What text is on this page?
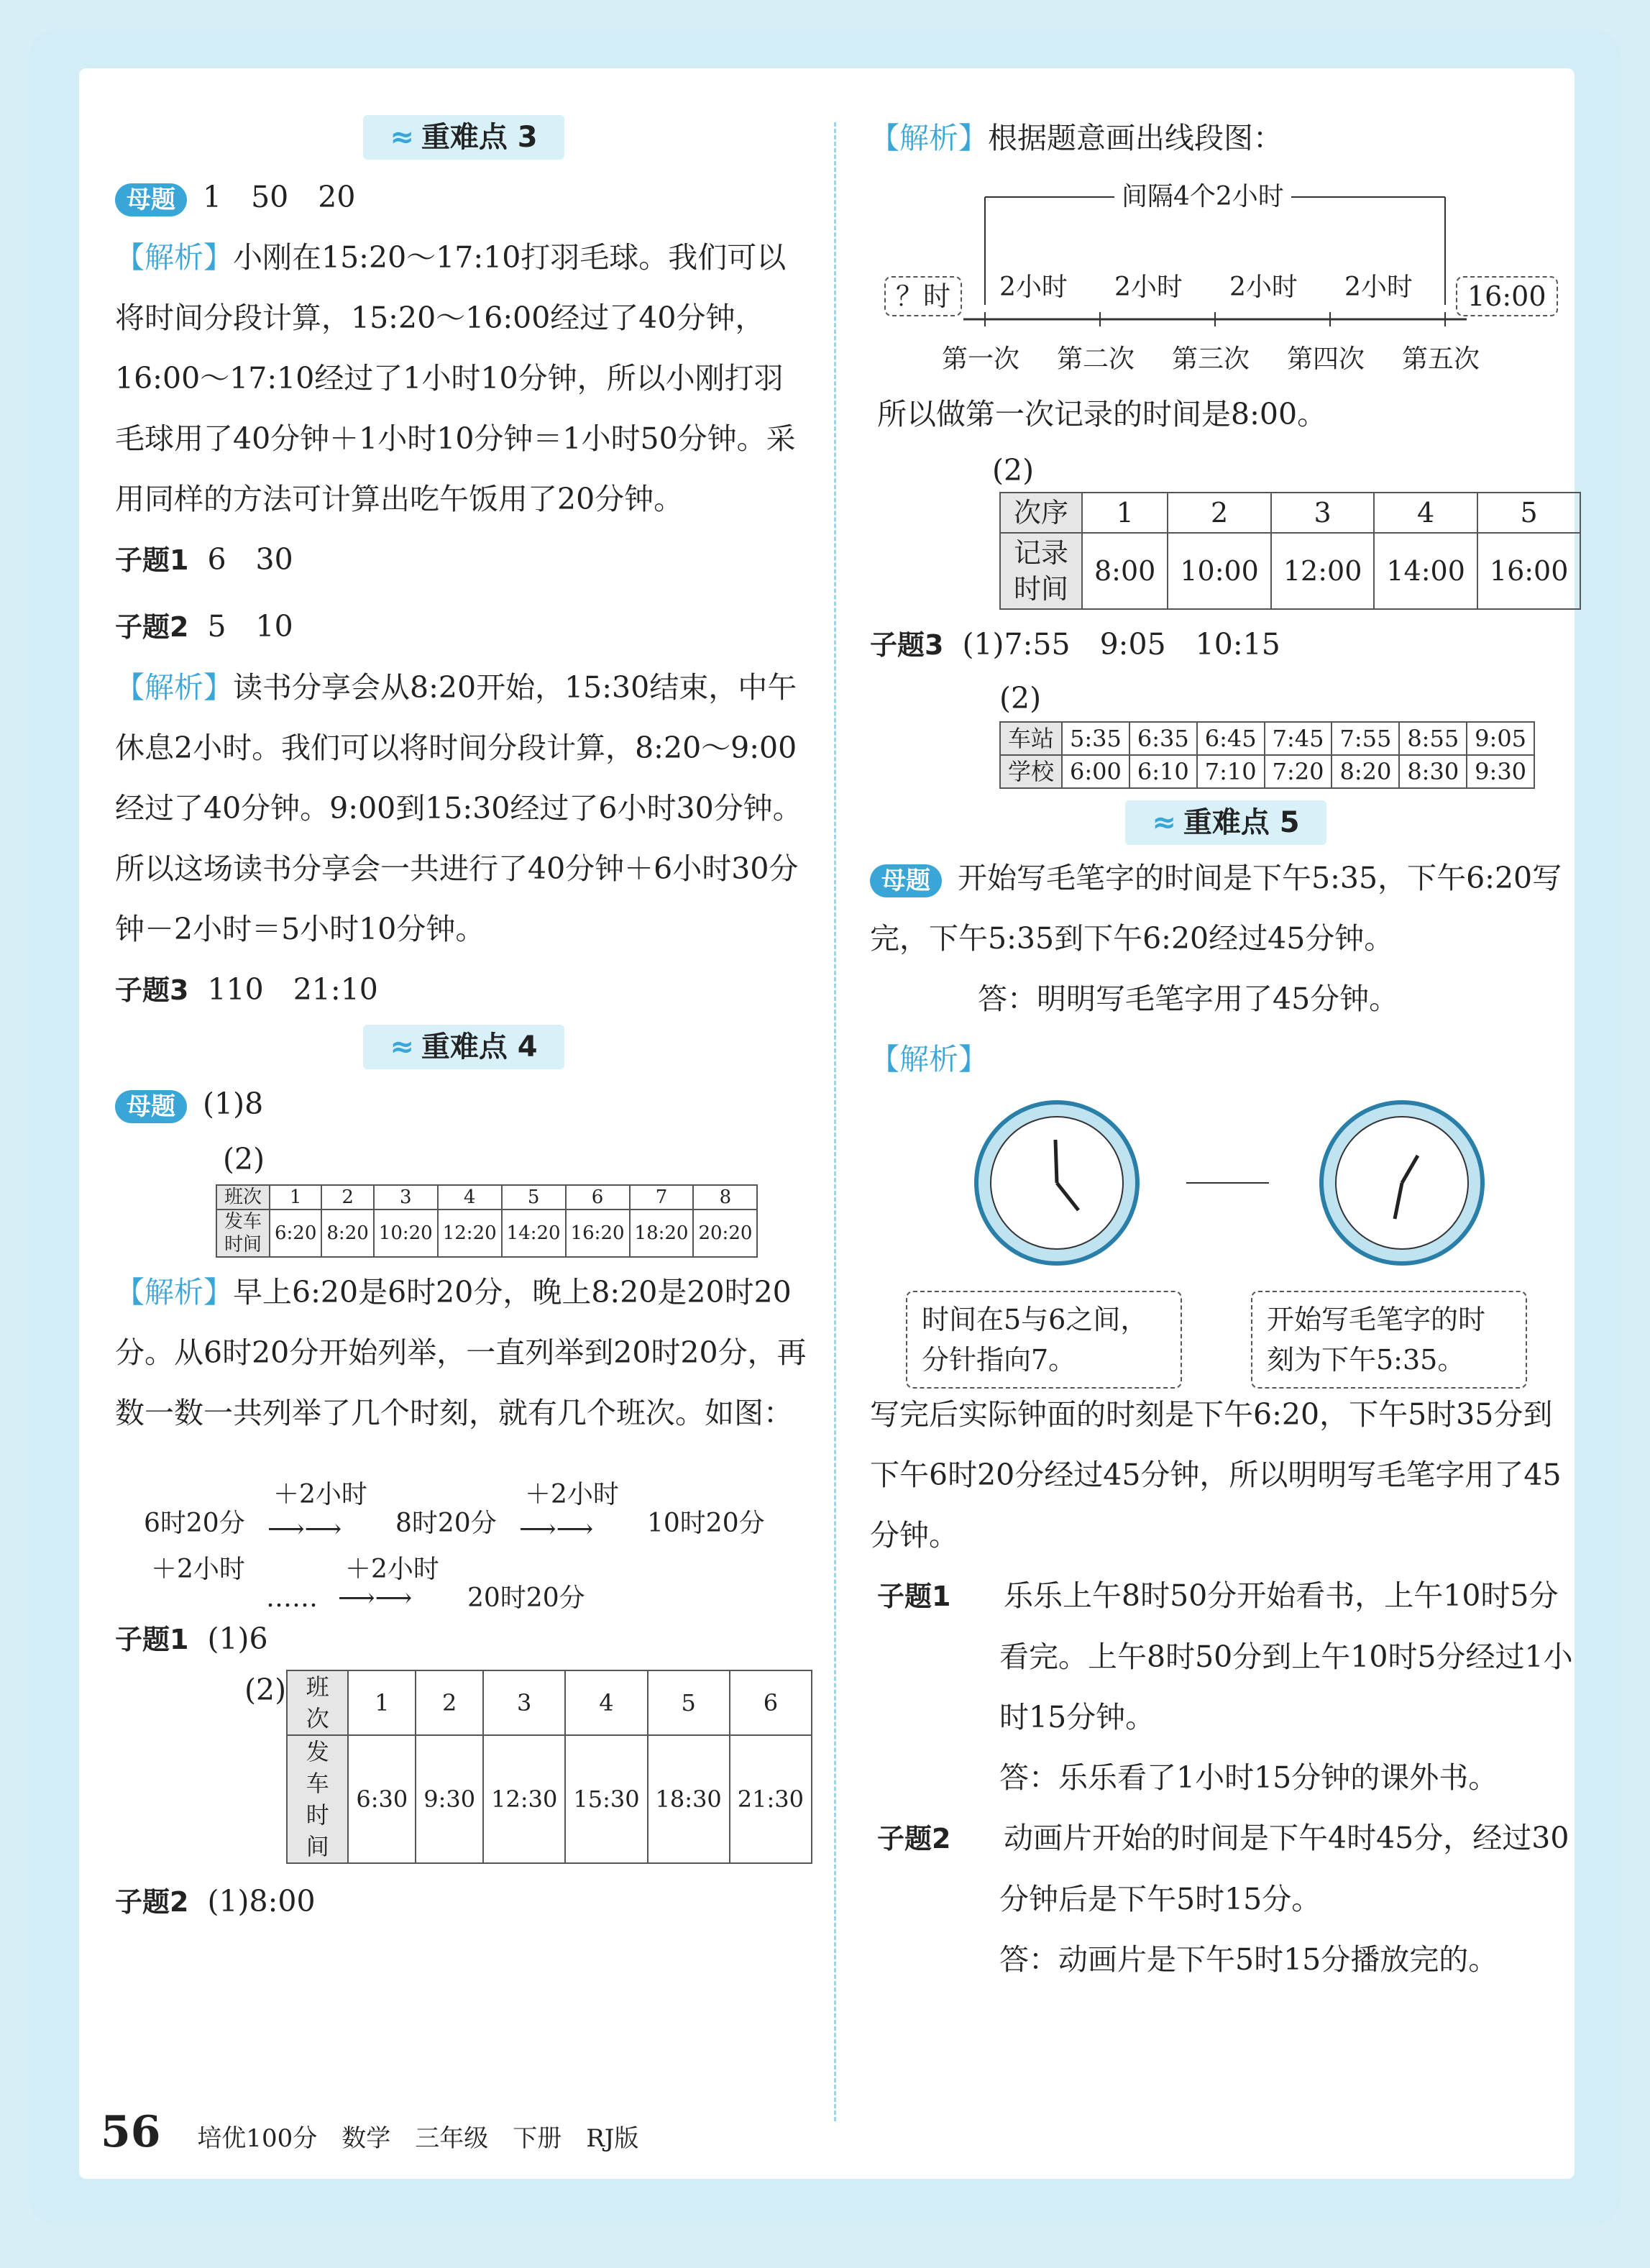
≈ 重难点 3

母题 1　50　20

【解析】小刚在15:20～17:10打羽毛球。我们可以将时间分段计算，15:20～16:00经过了40分钟，16:00～17:10经过了1小时10分钟，所以小刚打羽毛球用了40分钟＋1小时10分钟＝1小时50分钟。采用同样的方法可计算出吃午饭用了20分钟。

子题1 6　30

子题2 5　10

【解析】读书分享会从8:20开始，15:30结束，中午休息2小时。我们可以将时间分段计算，8:20～9:00经过了40分钟。9:00到15:30经过了6小时30分钟。所以这场读书分享会一共进行了40分钟＋6小时30分钟－2小时＝5小时10分钟。

子题3 110　21:10

≈ 重难点 4

母题 (1)8

(2)

班次	1	2	3	4	5	6	7	8
发车时间	6:20	8:20	10:20	12:20	14:20	16:20	18:20	20:20

【解析】早上6:20是6时20分，晚上8:20是20时20分。从6时20分开始列举，一直列举到20时20分，再数一数一共列举了几个时刻，就有几个班次。如图：

6时20分
＋2小时
⟶⟶ 8时20分
＋2小时
⟶⟶ 10时20分
＋2小时
……
＋2小时
⟶⟶ 20时20分

子题1 (1)6

(2) 班次	1	2	3	4	5	6
发车时间	6:30	9:30	12:30	15:30	18:30	21:30

子题2 (1)8:00

【解析】根据题意画出线段图：

间隔4个2小时
2小时 2小时 2小时 2小时
？时	16:00
第一次 第二次 第三次 第四次 第五次
所以做第一次记录的时间是8:00。

(2)

次序	1	2	3	4	5
记录时间	8:00	10:00	12:00	14:00	16:00

子题3 (1)7:55　9:05　10:15

(2)

车站	5:35	6:35	6:45	7:45	7:55	8:55	9:05
学校	6:00	6:10	7:10	7:20	8:20	8:30	9:30
≈ 重难点 5

母题 开始写毛笔字的时间是下午5:35，下午6:20写完，下午5:35到下午6:20经过45分钟。

答：明明写毛笔字用了45分钟。

【解析】

时间在5与6之间，分针指向7。
开始写毛笔字的时刻为下午5:35。

写完后实际钟面的时刻是下午6:20，下午5时35分到下午6时20分经过45分钟，所以明明写毛笔字用了45分钟。

子题1 乐乐上午8时50分开始看书，上午10时5分看完。上午8时50分到上午10时5分经过1小时15分钟。

答：乐乐看了1小时15分钟的课外书。

子题2 动画片开始的时间是下午4时45分，经过30分钟后是下午5时15分。

答：动画片是下午5时15分播放完的。

56 培优100分　数学　三年级　下册　RJ版
